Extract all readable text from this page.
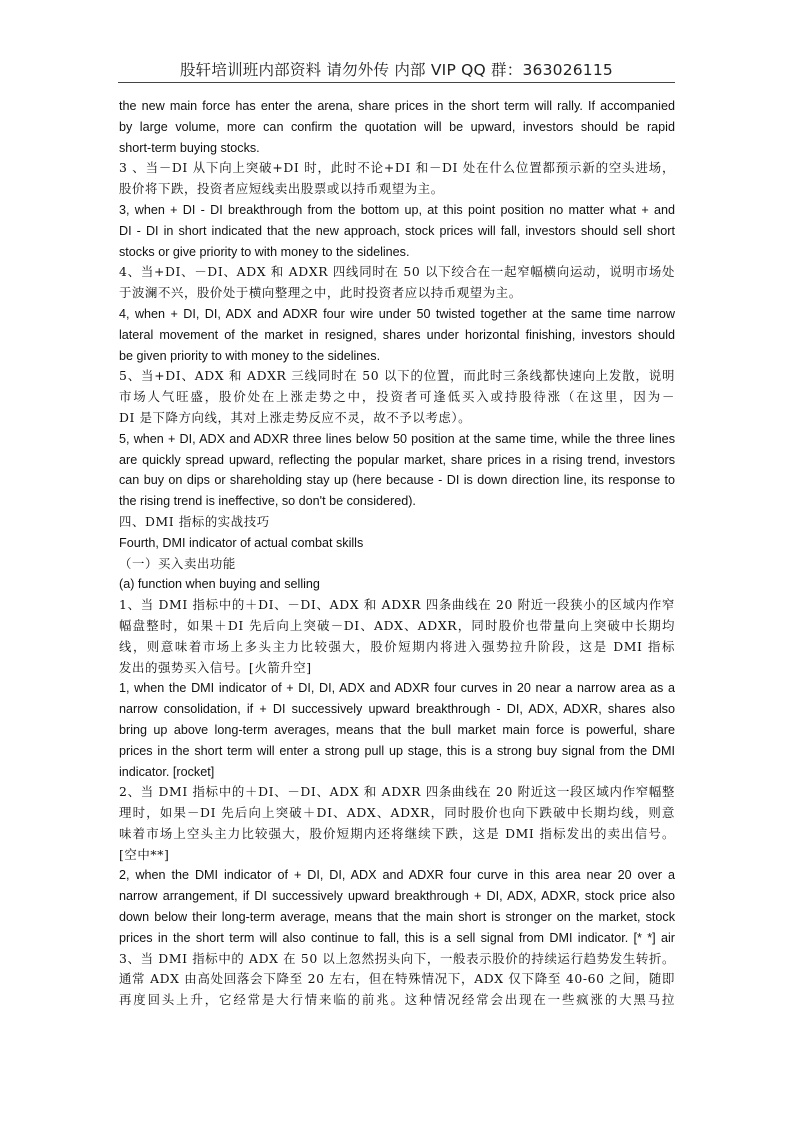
股轩培训班内部资料 请勿外传 内部 VIP QQ 群：363026115
the new main force has enter the arena, share prices in the short term will rally. If accompanied
by large volume, more can confirm the quotation will be upward, investors should be rapid
short-term buying stocks.
3 、当－DI 从下向上突破+DI 时，此时不论+DI 和－DI 处在什么位置都预示新的空头进场，
股价将下跌，投资者应短线卖出股票或以持币观望为主。
3, when + DI - DI breakthrough from the bottom up, at this point position no matter what + and
DI - DI in short indicated that the new approach, stock prices will fall, investors should sell short
stocks or give priority to with money to the sidelines.
4、当+DI、－DI、ADX 和 ADXR 四线同时在 50 以下绞合在一起窄幅横向运动，说明市场处
于波澜不兴，股价处于横向整理之中，此时投资者应以持币观望为主。
4, when + DI, DI, ADX and ADXR four wire under 50 twisted together at the same time narrow
lateral movement of the market in resigned, shares under horizontal finishing, investors should
be given priority to with money to the sidelines.
5、当+DI、ADX 和 ADXR 三线同时在 50 以下的位置，而此时三条线都快速向上发散，说明
市场人气旺盛，股价处在上涨走势之中，投资者可逢低买入或持股待涨（在这里，因为－
DI 是下降方向线，其对上涨走势反应不灵，故不予以考虑）。
5, when + DI, ADX and ADXR three lines below 50 position at the same time, while the three lines
are quickly spread upward, reflecting the popular market, share prices in a rising trend, investors
can buy on dips or shareholding stay up (here because - DI is down direction line, its response to
the rising trend is ineffective, so don't be considered).
四、DMI 指标的实战技巧
Fourth, DMI indicator of actual combat skills
（一）买入卖出功能
(a) function when buying and selling
1、当 DMI 指标中的＋DI、－DI、ADX 和 ADXR 四条曲线在 20 附近一段狭小的区域内作窄
幅盘整时，如果＋DI 先后向上突破－DI、ADX、ADXR，同时股价也带量向上突破中长期均
线，则意味着市场上多头主力比较强大，股价短期内将进入强势拉升阶段，这是 DMI 指标
发出的强势买入信号。[火箭升空]
1, when the DMI indicator of + DI, DI, ADX and ADXR four curves in 20 near a narrow area as a
narrow consolidation, if + DI successively upward breakthrough - DI, ADX, ADXR, shares also
bring up above long-term averages, means that the bull market main force is powerful, share
prices in the short term will enter a strong pull up stage, this is a strong buy signal from the DMI
indicator. [rocket]
2、当 DMI 指标中的＋DI、－DI、ADX 和 ADXR 四条曲线在 20 附近这一段区域内作窄幅整
理时，如果－DI 先后向上突破＋DI、ADX、ADXR，同时股价也向下跌破中长期均线，则意
味着市场上空头主力比较强大，股价短期内还将继续下跌，这是 DMI 指标发出的卖出信号。
[空中**]
2, when the DMI indicator of + DI, DI, ADX and ADXR four curve in this area near 20 over a
narrow arrangement, if DI successively upward breakthrough + DI, ADX, ADXR, stock price also
down below their long-term average, means that the main short is stronger on the market, stock
prices in the short term will also continue to fall, this is a sell signal from DMI indicator. [* *] air
3、当 DMI 指标中的 ADX 在 50 以上忽然拐头向下，一般表示股价的持续运行趋势发生转折。
通常 ADX 由高处回落会下降至 20 左右，但在特殊情况下，ADX 仅下降至 40-60 之间，随即
再度回头上升，它经常是大行情来临的前兆。这种情况经常会出现在一些疯涨的大黑马拉
